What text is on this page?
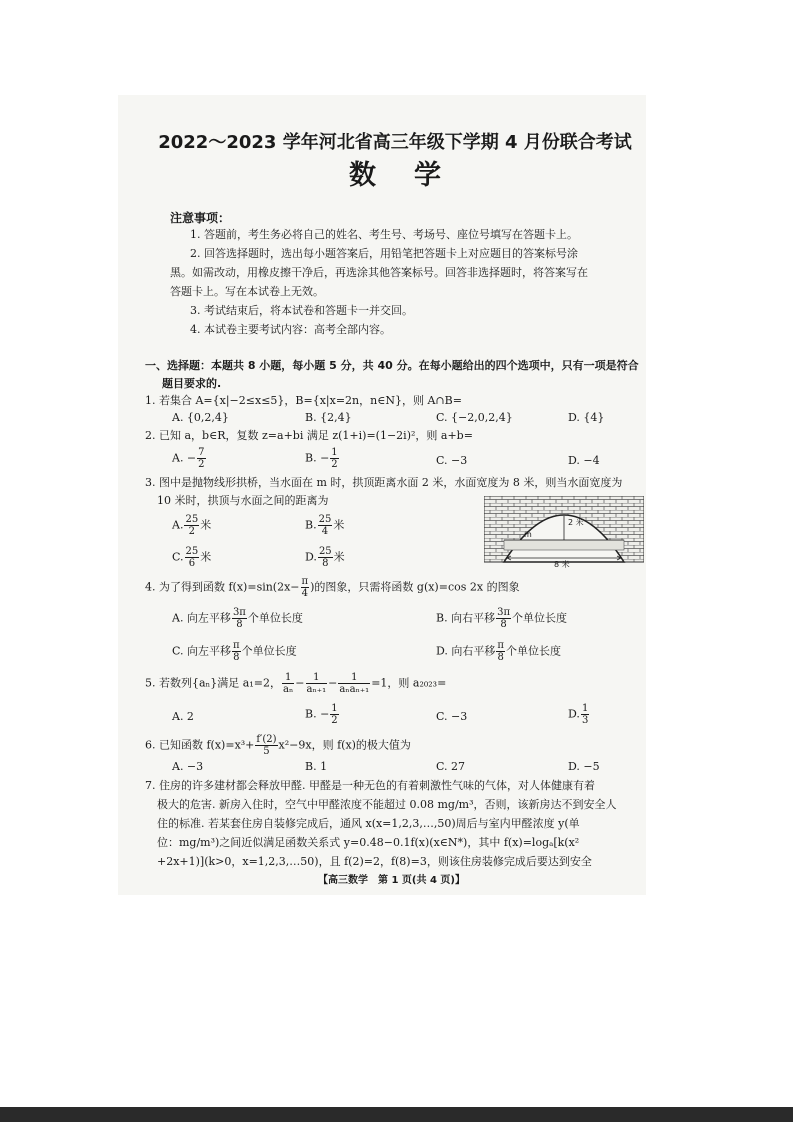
2022～2023 学年河北省高三年级下学期 4 月份联合考试
数学
注意事项：
1. 答题前，考生务必将自己的姓名、考生号、考场号、座位号填写在答题卡上。
2. 回答选择题时，选出每小题答案后，用铅笔把答题卡上对应题目的答案标号涂
黑。如需改动，用橡皮擦干净后，再选涂其他答案标号。回答非选择题时，将答案写在
答题卡上。写在本试卷上无效。
3. 考试结束后，将本试卷和答题卡一并交回。
4. 本试卷主要考试内容：高考全部内容。
一、选择题：本题共 8 小题，每小题 5 分，共 40 分。在每小题给出的四个选项中，只有一项是符合
题目要求的.
1. 若集合 A={x|−2≤x≤5}，B={x|x=2n，n∈N}，则 A∩B=
A. {0,2,4}	B. {2,4}	C. {−2,0,2,4}	D. {4}
2. 已知 a，b∈R，复数 z=a+bi 满足 z(1+i)=(1−2i)²，则 a+b=
A. − $\frac{7}{2}$	B. − $\frac{1}{2}$	C. −3	D. −4
3. 图中是抛物线形拱桥，当水面在 m 时，拱顶距离水面 2 米，水面宽度为 8 米，则当水面宽度为
10 米时，拱顶与水面之间的距离为
A. $\frac{25}{2}$ 米	B. $\frac{25}{4}$ 米
C. $\frac{25}{6}$ 米	D. $\frac{25}{8}$ 米
2 米
m
8 米
4. 为了得到函数 $f(x)=\sin(2x- \frac{\pi}{4}$ )的图象，只需将函数 g(x)=cos 2x 的图象
A. 向左平移 $\frac{3\pi}{8}$ 个单位长度	B. 向右平移 $\frac{3\pi}{8}$ 个单位长度
C. 向左平移 $\frac{\pi}{8}$ 个单位长度	D. 向右平移 $\frac{\pi}{8}$ 个单位长度
5. 若数列{aₙ}满足 a₁=2， $\frac{1}{\text{aₙ}} - \frac{1}{\text{aₙ₊₁}} - \frac{1}{\text{aₙaₙ₊₁}} =1$，则 a₂₀₂₃=
A. 2	B. − $\frac{1}{2}$	C. −3	D. $\frac{1}{3}$
6. 已知函数 $f(x)=x^3+ \frac{f'(2)}{5} x^2-9x$，则 f(x)的极大值为
A. −3	B. 1	C. 27	D. −5
7. 住房的许多建材都会释放甲醛. 甲醛是一种无色的有着刺激性气味的气体，对人体健康有着
极大的危害. 新房入住时，空气中甲醛浓度不能超过 0.08 mg/m³，否则，该新房达不到安全人
住的标准. 若某套住房自装修完成后，通风 x(x=1,2,3,…,50)周后与室内甲醛浓度 y(单
位：mg/m³)之间近似满足函数关系式 y=0.48−0.1f(x)(x∈N*)，其中 f(x)=logₐ[k(x²
+2x+1)](k>0，x=1,2,3,…50)，且 f(2)=2，f(8)=3，则该住房装修完成后要达到安全
【高三数学　第 1 页(共 4 页)】
